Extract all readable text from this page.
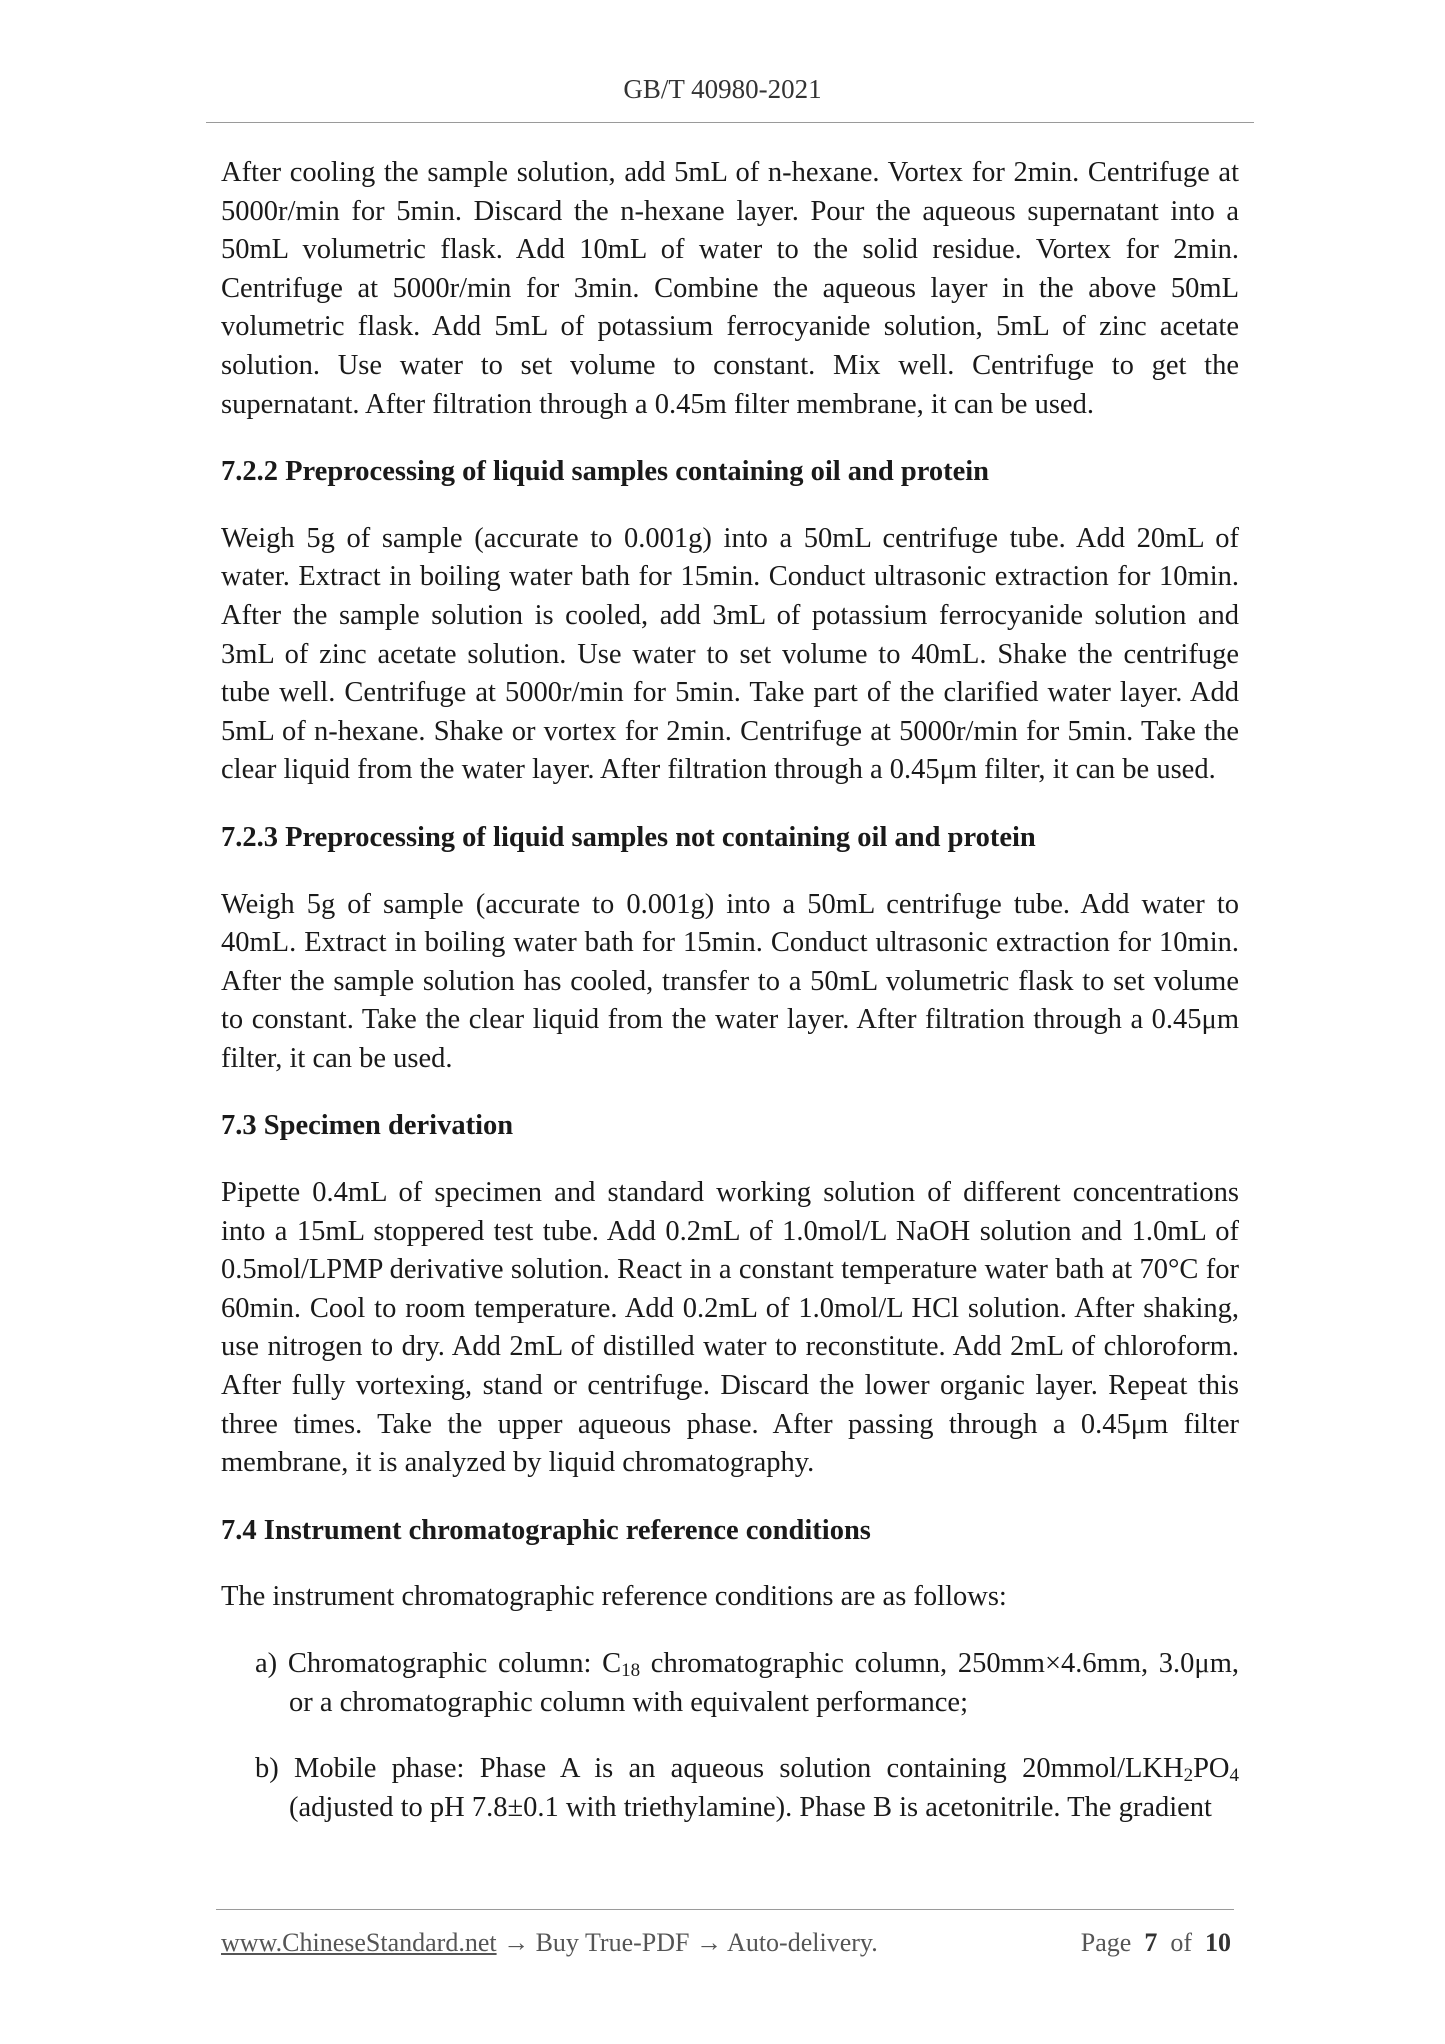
GB/T 40980-2021

After cooling the sample solution, add 5mL of n-hexane. Vortex for 2min. Centrifuge at 5000r/min for 5min. Discard the n-hexane layer. Pour the aqueous supernatant into a 50mL volumetric flask. Add 10mL of water to the solid residue. Vortex for 2min. Centrifuge at 5000r/min for 3min. Combine the aqueous layer in the above 50mL volumetric flask. Add 5mL of potassium ferrocyanide solution, 5mL of zinc acetate solution. Use water to set volume to constant. Mix well. Centrifuge to get the supernatant. After filtration through a 0.45m filter membrane, it can be used.

7.2.2 Preprocessing of liquid samples containing oil and protein

Weigh 5g of sample (accurate to 0.001g) into a 50mL centrifuge tube. Add 20mL of water. Extract in boiling water bath for 15min. Conduct ultrasonic extraction for 10min. After the sample solution is cooled, add 3mL of potassium ferrocyanide solution and 3mL of zinc acetate solution. Use water to set volume to 40mL. Shake the centrifuge tube well. Centrifuge at 5000r/min for 5min. Take part of the clarified water layer. Add 5mL of n-hexane. Shake or vortex for 2min. Centrifuge at 5000r/min for 5min. Take the clear liquid from the water layer. After filtration through a 0.45μm filter, it can be used.

7.2.3 Preprocessing of liquid samples not containing oil and protein

Weigh 5g of sample (accurate to 0.001g) into a 50mL centrifuge tube. Add water to 40mL. Extract in boiling water bath for 15min. Conduct ultrasonic extraction for 10min. After the sample solution has cooled, transfer to a 50mL volumetric flask to set volume to constant. Take the clear liquid from the water layer. After filtration through a 0.45μm filter, it can be used.

7.3 Specimen derivation

Pipette 0.4mL of specimen and standard working solution of different concentrations into a 15mL stoppered test tube. Add 0.2mL of 1.0mol/L NaOH solution and 1.0mL of 0.5mol/LPMP derivative solution. React in a constant temperature water bath at 70°C for 60min. Cool to room temperature. Add 0.2mL of 1.0mol/L HCl solution. After shaking, use nitrogen to dry. Add 2mL of distilled water to reconstitute. Add 2mL of chloroform. After fully vortexing, stand or centrifuge. Discard the lower organic layer. Repeat this three times. Take the upper aqueous phase. After passing through a 0.45μm filter membrane, it is analyzed by liquid chromatography.

7.4 Instrument chromatographic reference conditions

The instrument chromatographic reference conditions are as follows:

a) Chromatographic column: $C_{18}$ chromatographic column, 250mm×4.6mm, 3.0μm, or a chromatographic column with equivalent performance;

b) Mobile phase: Phase A is an aqueous solution containing $20mmol/LKH_2PO_4$ (adjusted to pH 7.8±0.1 with triethylamine). Phase B is acetonitrile. The gradient

www.ChineseStandard.net → Buy True-PDF → Auto-delivery.	Page 7 of 10
